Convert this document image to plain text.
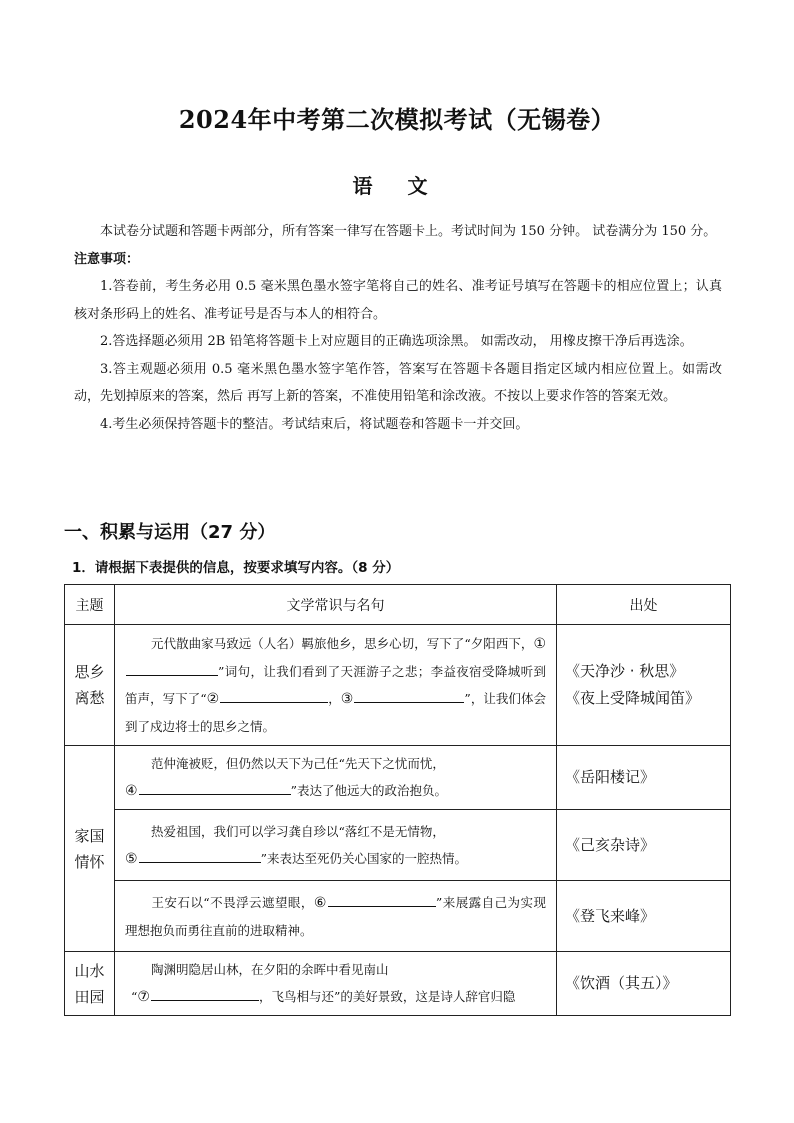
2024年中考第二次模拟考试（无锡卷）
语 文

本试卷分试题和答题卡两部分，所有答案一律写在答题卡上。考试时间为 150 分钟。 试卷满分为 150 分。

注意事项：

1.答卷前，考生务必用 0.5 毫米黑色墨水签字笔将自己的姓名、准考证号填写在答题卡的相应位置上；认真核对条形码上的姓名、准考证号是否与本人的相符合。

2.答选择题必须用 2B 铅笔将答题卡上对应题目的正确选项涂黑。 如需改动， 用橡皮擦干净后再选涂。

3.答主观题必须用 0.5 毫米黑色墨水签字笔作答，答案写在答题卡各题目指定区域内相应位置上。如需改动，先划掉原来的答案，然后 再写上新的答案，不准使用铅笔和涂改液。不按以上要求作答的答案无效。

4.考生必须保持答题卡的整洁。考试结束后，将试题卷和答题卡一并交回。

一、积累与运用（27 分）
1．请根据下表提供的信息，按要求填写内容。（8 分）
主题	文学常识与名句	出处
思乡离愁	元代散曲家马致远（人名）羁旅他乡，思乡心切，写下了“夕阳西下，①”词句，让我们看到了天涯游子之悲；李益夜宿受降城听到笛声，写下了“② ，③ ”，让我们体会到了戍边将士的思乡之情。	《天净沙 · 秋思》
《夜上受降城闻笛》

家国情怀	范仲淹被贬，但仍然以天下为己任“先天下之忧而忧，
④ ”表达了他远大的政治抱负。	《岳阳楼记》
	热爱祖国，我们可以学习龚自珍以“落红不是无情物，
⑤ ”来表达至死仍关心国家的一腔热情。	《己亥杂诗》
	王安石以“不畏浮云遮望眼，⑥ ”来展露自己为实现理想抱负而勇往直前的进取精神。	《登飞来峰》
山水田园	陶渊明隐居山林，在夕阳的余晖中看见南山
“⑦ ，飞鸟相与还”的美好景致，这是诗人辞官归隐	《饮酒（其五）》
